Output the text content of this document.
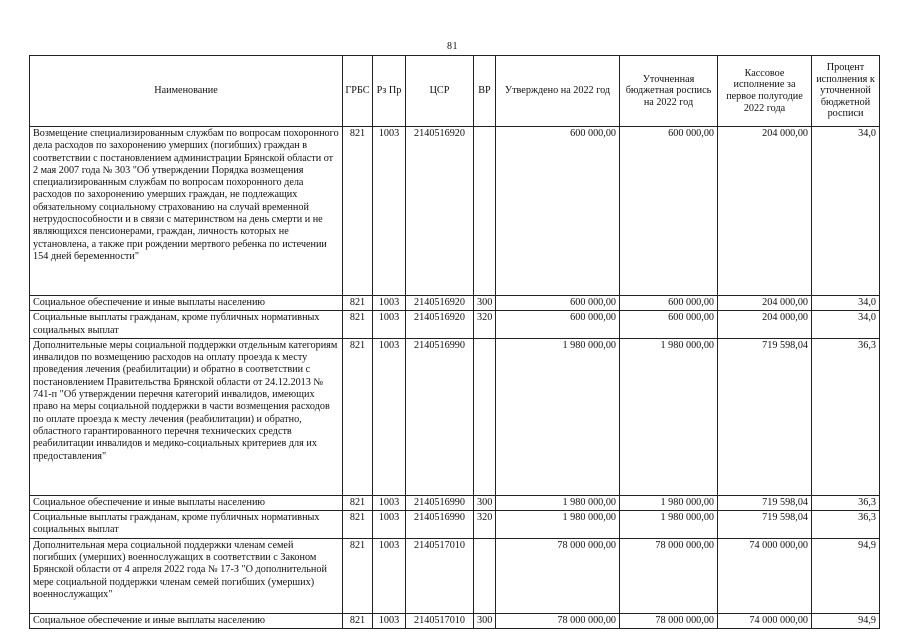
81
Наименование	ГРБС	Рз Пр	ЦСР	ВР	Утверждено на 2022 год	Уточненная бюджетная роспись на 2022 год	Кассовое исполнение за первое полугодие 2022 года	Процент исполнения к уточненной бюджетной росписи
Возмещение специализированным службам по вопросам похоронного дела расходов по захоронению умерших (погибших) граждан в соответствии с постановлением администрации Брянской области от 2 мая 2007 года № 303 "Об утверждении Порядка возмещения специализированным службам по вопросам похоронного дела расходов по захоронению умерших граждан, не подлежащих обязательному социальному страхованию на случай временной нетрудоспособности и в связи с материнством на день смерти и не являющихся пенсионерами, граждан, личность которых не установлена, а также при рождении мертвого ребенка по истечении 154 дней беременности"	821	1003	2140516920		600 000,00	600 000,00	204 000,00	34,0
Социальное обеспечение и иные выплаты населению	821	1003	2140516920	300	600 000,00	600 000,00	204 000,00	34,0
Социальные выплаты гражданам, кроме публичных нормативных социальных выплат	821	1003	2140516920	320	600 000,00	600 000,00	204 000,00	34,0
Дополнительные меры социальной поддержки отдельным категориям инвалидов по возмещению расходов на оплату проезда к месту проведения лечения (реабилитации) и обратно в соответствии с постановлением Правительства Брянской области от 24.12.2013 № 741-п "Об утверждении перечня категорий инвалидов, имеющих право на меры социальной поддержки в части возмещения расходов по оплате проезда к месту лечения (реабилитации) и обратно, областного гарантированного перечня технических средств реабилитации инвалидов и медико-социальных критериев для их предоставления"	821	1003	2140516990		1 980 000,00	1 980 000,00	719 598,04	36,3
Социальное обеспечение и иные выплаты населению	821	1003	2140516990	300	1 980 000,00	1 980 000,00	719 598,04	36,3
Социальные выплаты гражданам, кроме публичных нормативных социальных выплат	821	1003	2140516990	320	1 980 000,00	1 980 000,00	719 598,04	36,3
Дополнительная мера социальной поддержки членам семей погибших (умерших) военнослужащих в соответствии с Законом Брянской области от 4 апреля 2022 года № 17-З "О дополнительной мере социальной поддержки членам семей погибших (умерших) военнослужащих"	821	1003	2140517010		78 000 000,00	78 000 000,00	74 000 000,00	94,9
Социальное обеспечение и иные выплаты населению	821	1003	2140517010	300	78 000 000,00	78 000 000,00	74 000 000,00	94,9
